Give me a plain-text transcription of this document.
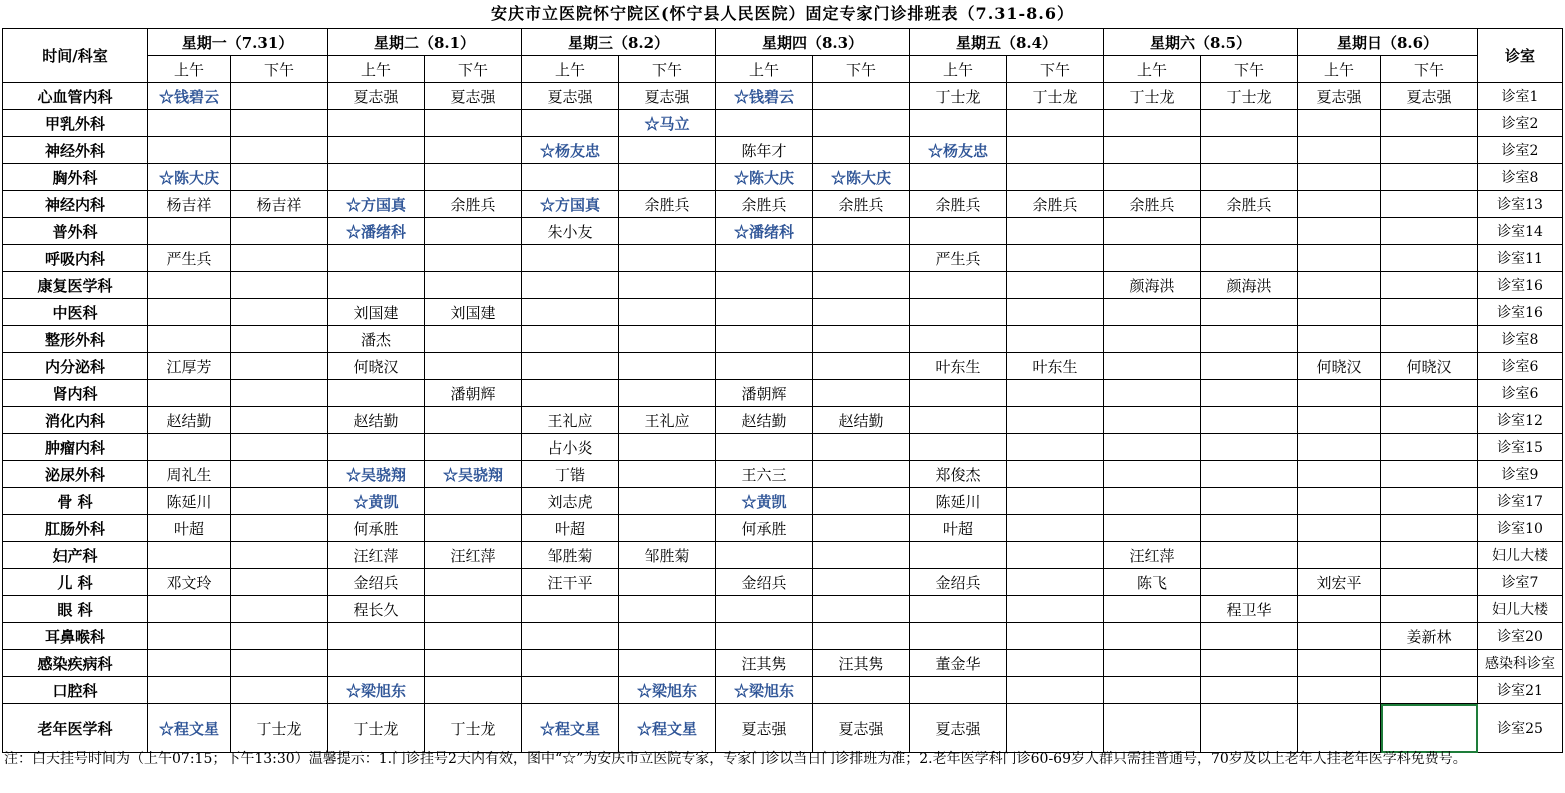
安庆市立医院怀宁院区(怀宁县人民医院）固定专家门诊排班表（7.31-8.6）
时间/科室	星期一（7.31）		星期二（8.1）		星期三（8.2）		星期四（8.3）		星期五（8.4）		星期六（8.5）		星期日（8.6）		诊室
	上午	下午	上午	下午	上午	下午	上午	下午	上午	下午	上午	下午	上午	下午	
心血管内科	☆钱碧云		夏志强	夏志强	夏志强	夏志强	☆钱碧云		丁士龙	丁士龙	丁士龙	丁士龙	夏志强	夏志强	诊室1
甲乳外科						☆马立									诊室2
神经外科					☆杨友忠		陈年才		☆杨友忠						诊室2
胸外科	☆陈大庆						☆陈大庆	☆陈大庆							诊室8
神经内科	杨吉祥	杨吉祥	☆方国真	余胜兵	☆方国真	余胜兵	余胜兵	余胜兵	余胜兵	余胜兵	余胜兵	余胜兵			诊室13
普外科			☆潘绪科		朱小友		☆潘绪科								诊室14
呼吸内科	严生兵								严生兵						诊室11
康复医学科											颜海洪	颜海洪			诊室16
中医科			刘国建	刘国建											诊室16
整形外科			潘杰												诊室8
内分泌科	江厚芳		何晓汉						叶东生	叶东生			何晓汉	何晓汉	诊室6
肾内科				潘朝辉			潘朝辉								诊室6
消化内科	赵结勤		赵结勤		王礼应	王礼应	赵结勤	赵结勤							诊室12
肿瘤内科					占小炎										诊室15
泌尿外科	周礼生		☆吴骁翔	☆吴骁翔	丁锴		王六三		郑俊杰						诊室9
骨 科	陈延川		☆黄凯		刘志虎		☆黄凯		陈延川						诊室17
肛肠外科	叶超		何承胜		叶超		何承胜		叶超						诊室10
妇产科			汪红萍	汪红萍	邹胜菊	邹胜菊					汪红萍				妇儿大楼
儿 科	邓文玲		金绍兵		汪干平		金绍兵		金绍兵		陈飞		刘宏平		诊室7
眼 科			程长久									程卫华			妇儿大楼
耳鼻喉科														姜新林	诊室20
感染疾病科							汪其隽	汪其隽	董金华						感染科诊室
口腔科			☆梁旭东			☆梁旭东	☆梁旭东								诊室21
老年医学科	☆程文星	丁士龙	丁士龙	丁士龙	☆程文星	☆程文星	夏志强	夏志强	夏志强						诊室25
注：白天挂号时间为（上午07:15；下午13:30）温馨提示：1.门诊挂号2天内有效，图中“☆”为安庆市立医院专家，专家门诊以当日门诊排班为准；2.老年医学科门诊60-69岁人群只需挂普通号，70岁及以上老年人挂老年医学科免费号。
